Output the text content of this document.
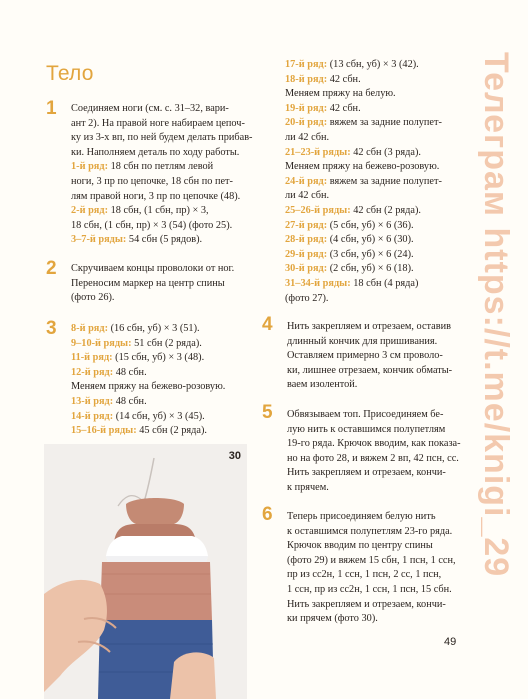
Тело
1 Соединяем ноги (см. с. 31–32, вари-
ант 2). На правой ноге набираем цепоч-
ку из 3-х вп, по ней будем делать прибав-
ки. Наполняем деталь по ходу работы.
1-й ряд: 18 сбн по петлям левой
ноги, 3 пр по цепочке, 18 сбн по пет-
лям правой ноги, 3 пр по цепочке (48).
2-й ряд: 18 сбн, (1 сбн, пр) × 3,
18 сбн, (1 сбн, пр) × 3 (54) (фото 25).
3–7-й ряды: 54 сбн (5 рядов).
2 Скручиваем концы проволоки от ног.
Переносим маркер на центр спины
(фото 26).
3 8-й ряд: (16 сбн, уб) × 3 (51).
9–10-й ряды: 51 сбн (2 ряда).
11-й ряд: (15 сбн, уб) × 3 (48).
12-й ряд: 48 сбн.
Меняем пряжу на бежево-розовую.
13-й ряд: 48 сбн.
14-й ряд: (14 сбн, уб) × 3 (45).
15–16-й ряды: 45 сбн (2 ряда).
30
17-й ряд: (13 сбн, уб) × 3 (42).
18-й ряд: 42 сбн.
Меняем пряжу на белую.
19-й ряд: 42 сбн.
20-й ряд: вяжем за задние полупет-
ли 42 сбн.
21–23-й ряды: 42 сбн (3 ряда).
Меняем пряжу на бежево-розовую.
24-й ряд: вяжем за задние полупет-
ли 42 сбн.
25–26-й ряды: 42 сбн (2 ряда).
27-й ряд: (5 сбн, уб) × 6 (36).
28-й ряд: (4 сбн, уб) × 6 (30).
29-й ряд: (3 сбн, уб) × 6 (24).
30-й ряд: (2 сбн, уб) × 6 (18).
31–34-й ряды: 18 сбн (4 ряда)
(фото 27).
4 Нить закрепляем и отрезаем, оставив
длинный кончик для пришивания.
Оставляем примерно 3 см проволо-
ки, лишнее отрезаем, кончик обматы-
ваем изолентой.
5 Обвязываем топ. Присоединяем бе-
лую нить к оставшимся полупетлям
19-го ряда. Крючок вводим, как показа-
но на фото 28, и вяжем 2 вп, 42 псн, сс.
Нить закрепляем и отрезаем, кончи-
к прячем.
6 Теперь присоединяем белую нить
к оставшимся полупетлям 23-го ряда.
Крючок вводим по центру спины
(фото 29) и вяжем 15 сбн, 1 псн, 1 ссн,
пр из сс2н, 1 ссн, 1 псн, 2 сс, 1 псн,
1 ссн, пр из сс2н, 1 ссн, 1 псн, 15 сбн.
Нить закрепляем и отрезаем, кончи-
ки прячем (фото 30).
Телеграм https://t.me/knigi_29
49
